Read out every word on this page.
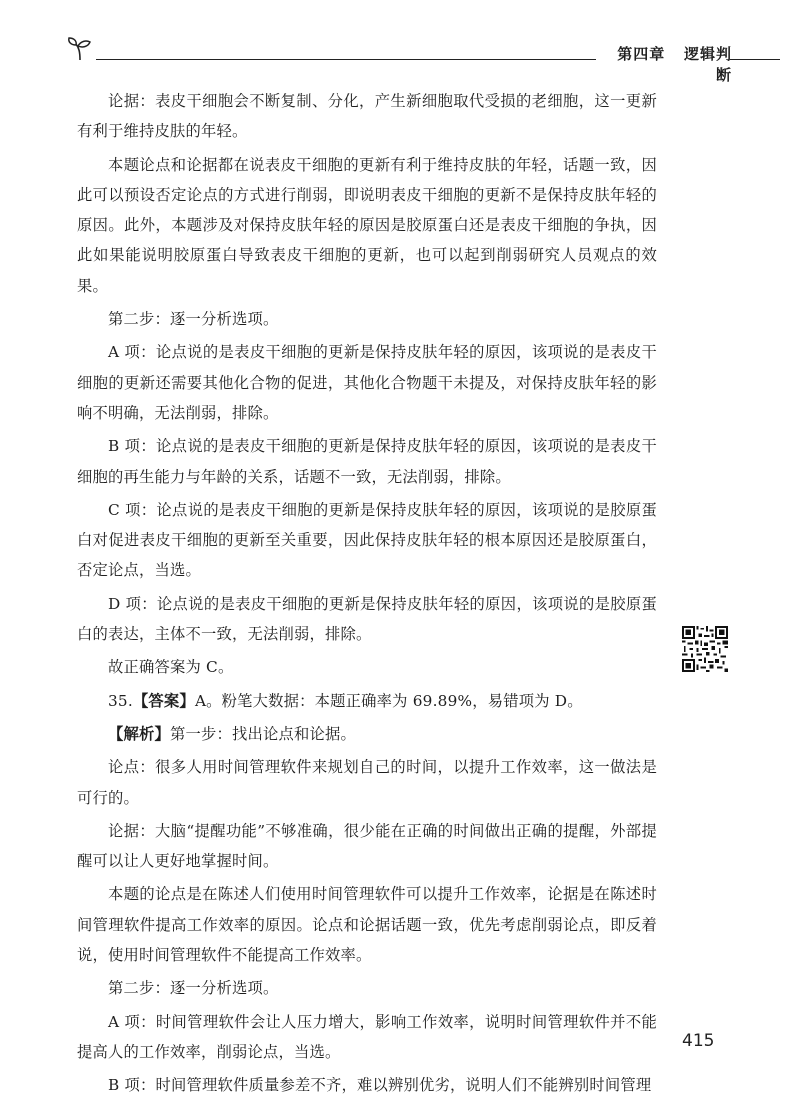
第四章 逻辑判断

论据：表皮干细胞会不断复制、分化，产生新细胞取代受损的老细胞，这一更新有利于维持皮肤的年轻。

本题论点和论据都在说表皮干细胞的更新有利于维持皮肤的年轻，话题一致，因此可以预设否定论点的方式进行削弱，即说明表皮干细胞的更新不是保持皮肤年轻的原因。此外，本题涉及对保持皮肤年轻的原因是胶原蛋白还是表皮干细胞的争执，因此如果能说明胶原蛋白导致表皮干细胞的更新，也可以起到削弱研究人员观点的效果。

第二步：逐一分析选项。

A 项：论点说的是表皮干细胞的更新是保持皮肤年轻的原因，该项说的是表皮干细胞的更新还需要其他化合物的促进，其他化合物题干未提及，对保持皮肤年轻的影响不明确，无法削弱，排除。

B 项：论点说的是表皮干细胞的更新是保持皮肤年轻的原因，该项说的是表皮干细胞的再生能力与年龄的关系，话题不一致，无法削弱，排除。

C 项：论点说的是表皮干细胞的更新是保持皮肤年轻的原因，该项说的是胶原蛋白对促进表皮干细胞的更新至关重要，因此保持皮肤年轻的根本原因还是胶原蛋白，否定论点，当选。

D 项：论点说的是表皮干细胞的更新是保持皮肤年轻的原因，该项说的是胶原蛋白的表达，主体不一致，无法削弱，排除。

故正确答案为 C。

35.【答案】A。粉笔大数据：本题正确率为 69.89%，易错项为 D。

【解析】第一步：找出论点和论据。

论点：很多人用时间管理软件来规划自己的时间，以提升工作效率，这一做法是可行的。

论据：大脑“提醒功能”不够准确，很少能在正确的时间做出正确的提醒，外部提醒可以让人更好地掌握时间。

本题的论点是在陈述人们使用时间管理软件可以提升工作效率，论据是在陈述时间管理软件提高工作效率的原因。论点和论据话题一致，优先考虑削弱论点，即反着说，使用时间管理软件不能提高工作效率。

第二步：逐一分析选项。

A 项：时间管理软件会让人压力增大，影响工作效率，说明时间管理软件并不能提高人的工作效率，削弱论点，当选。

B 项：时间管理软件质量参差不齐，难以辨别优劣，说明人们不能辨别时间管理

415
